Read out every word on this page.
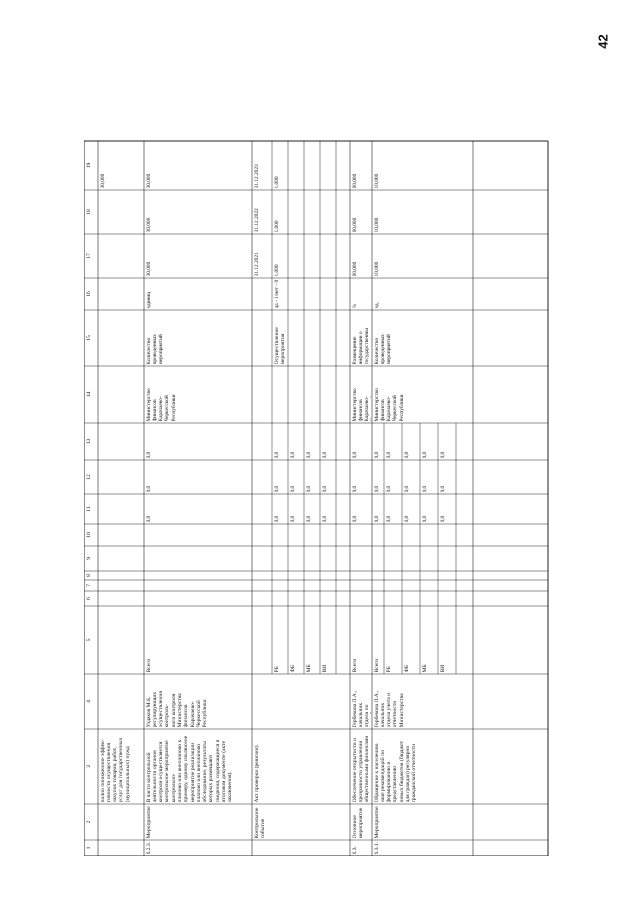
42
1
2
3
4
5
6
7
8
9
10
11
12
13
14
15
16
17
18
19
полно пониженное эффек-
тивности осуществления
закупок товаров, работ,
услуг для государственных
(муниципальных) нужд
30,000
6.2.3.
Мероприятие
В части контрольной
деятельности органов
контроля осуществляется
контрольное мероприятие контрольно-
планово или внепланово к
примеру, одному изклюсеое
мероприятие реализации
планово или внепланово
обследование, результаты
которых размещают
сведения, содержащиеся в
итоговом документе (акте
заключения).
Уздаков М.Б.
регулирующих
осуществления
контроль-
ного контроля
Министерства
финансов
Карачаево-
Черкесской
Республики
Всего
0,0
0,0
0,0
Министерство
финансов
Карачаево-
Черкесской
Республики
Количество
проведенных
мероприятий
единиц
30,000
30,000
30,000
РБ
0,0
0,0
0,0
ФБ
0,0
0,0
0,0
МБ
0,0
0,0
0,0
ВИ
0,0
0,0
0,0
Осуществление
мероприятия
да - 1/нет - 0
1,000
1,000
1,000
Контрольное
событие
Акт проверки (ревизии).
31.12.2021
31.12.2022
31.12.2023
6.3.
Основное
мероприятие
Обеспечение открытости и
прозрачности управления
общественными финансами
Гербекова Л.А.,
начальник
отдела по

Всего
0,0
0,0
0,0
Министерство
финансов
Карачаево-

Размещение
информации о
государственны

%
60,000
60,000
60,000
РБ
0,0
0,0
0,0
ФБ
0,0
0,0
0,0
МБ
0,0
0,0
0,0
ВИ
0,0
0,0
0,0
6.3.1.
Мероприятие
Обращение к населению
заие рекомендаций по
формированию и представлению
новых бюджетов (бюджет
для граждан) регулярно
гражданской отчетности
Гербекова Л.А.,
начальник
отдела учета и
отчетности
Министерства
Всего
0,0
0,0
0,0
Министерство
финансов
Карачаево-
Черкесской
Республики
Количество
проведенных
мероприятий
ед.
10,000
10,000
10,000
